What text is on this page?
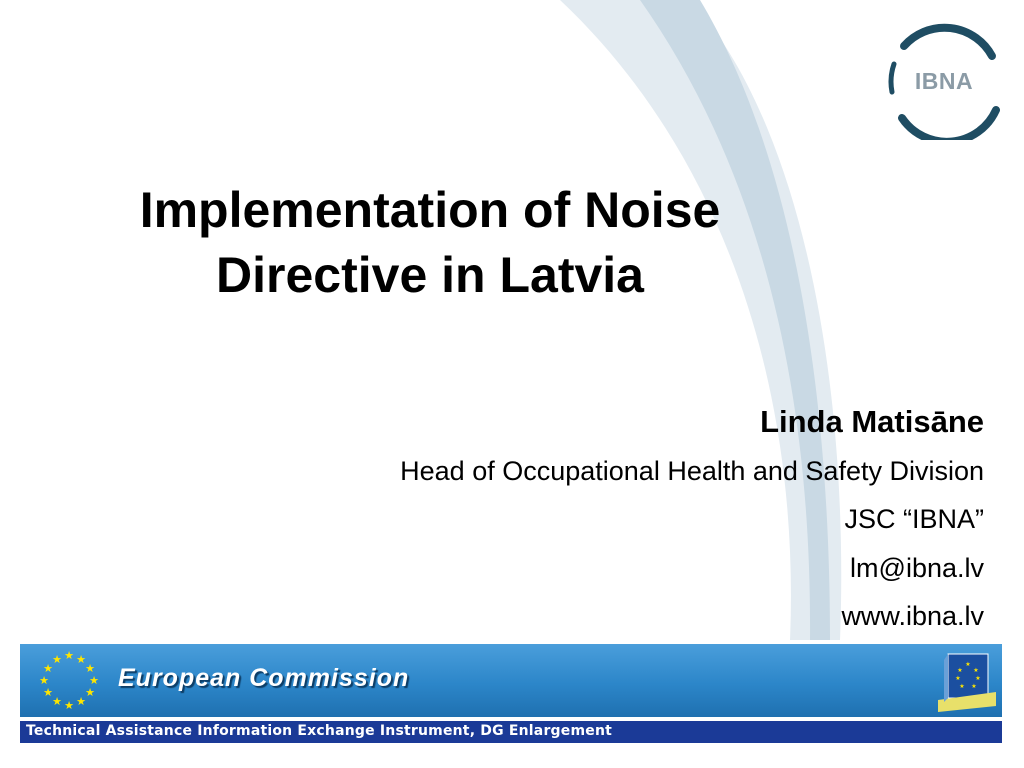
IBNA
Implementation of Noise
Directive in Latvia
Linda Matisāne
Head of Occupational Health and Safety Division
JSC “IBNA”
lm@ibna.lv
www.ibna.lv
★ ★
★
★
★
★
★
★
★
★
★
★
European Commission	★
★
★
★
★
★
★
Technical Assistance Information Exchange Instrument, DG Enlargement
